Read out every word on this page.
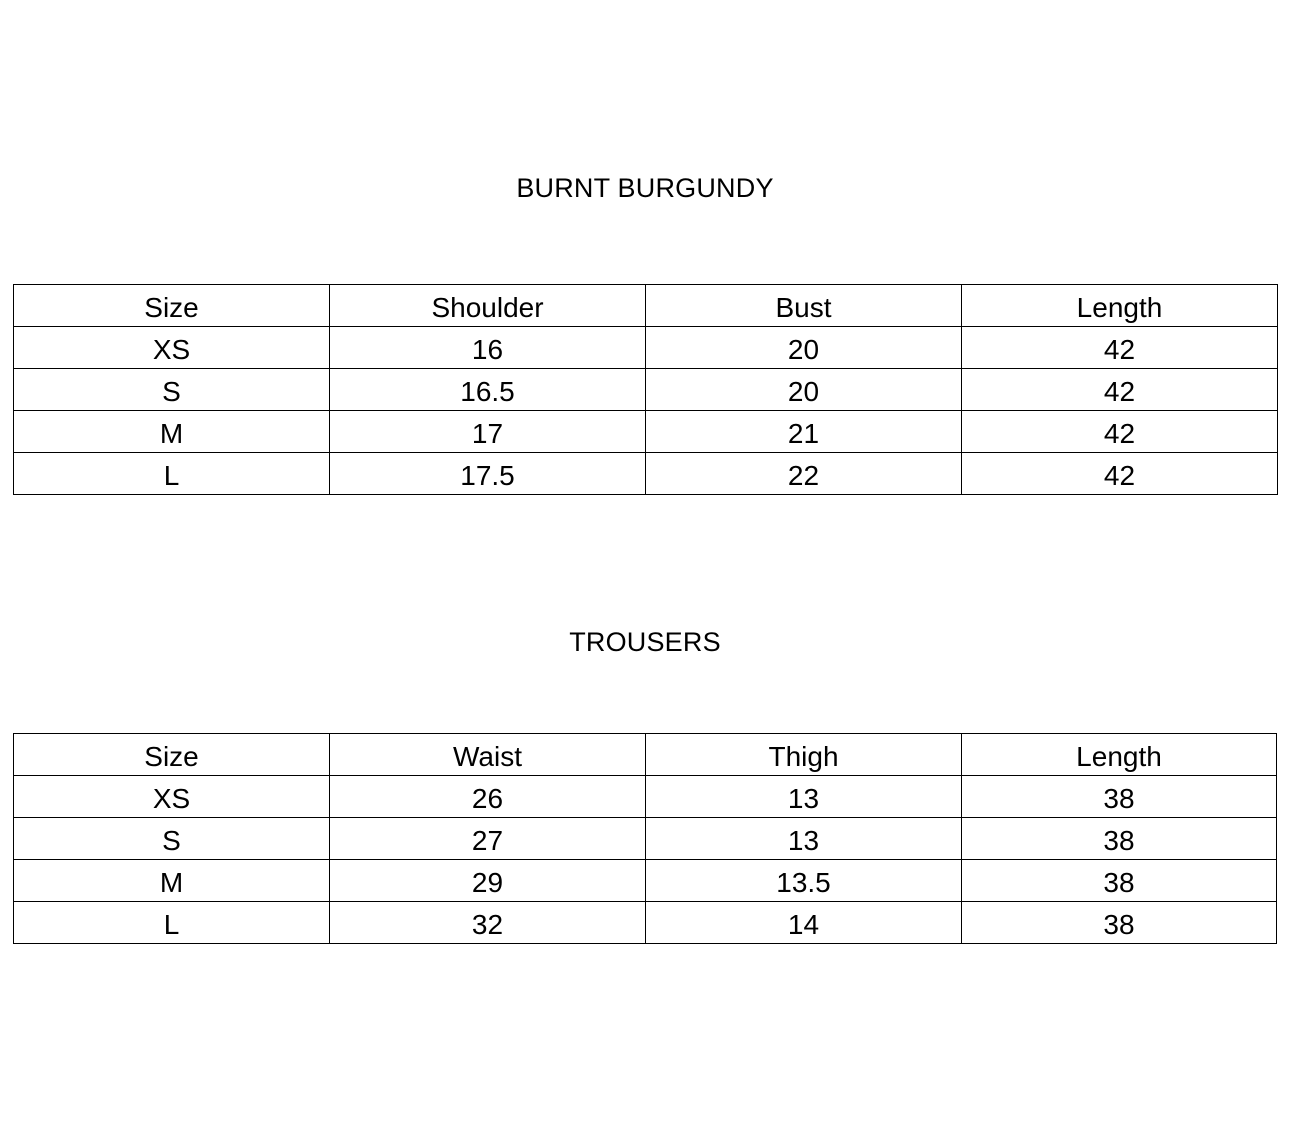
BURNT BURGUNDY
Size	Shoulder	Bust	Length
XS	16	20	42
S	16.5	20	42
M	17	21	42
L	17.5	22	42
TROUSERS
Size	Waist	Thigh	Length
XS	26	13	38
S	27	13	38
M	29	13.5	38
L	32	14	38
